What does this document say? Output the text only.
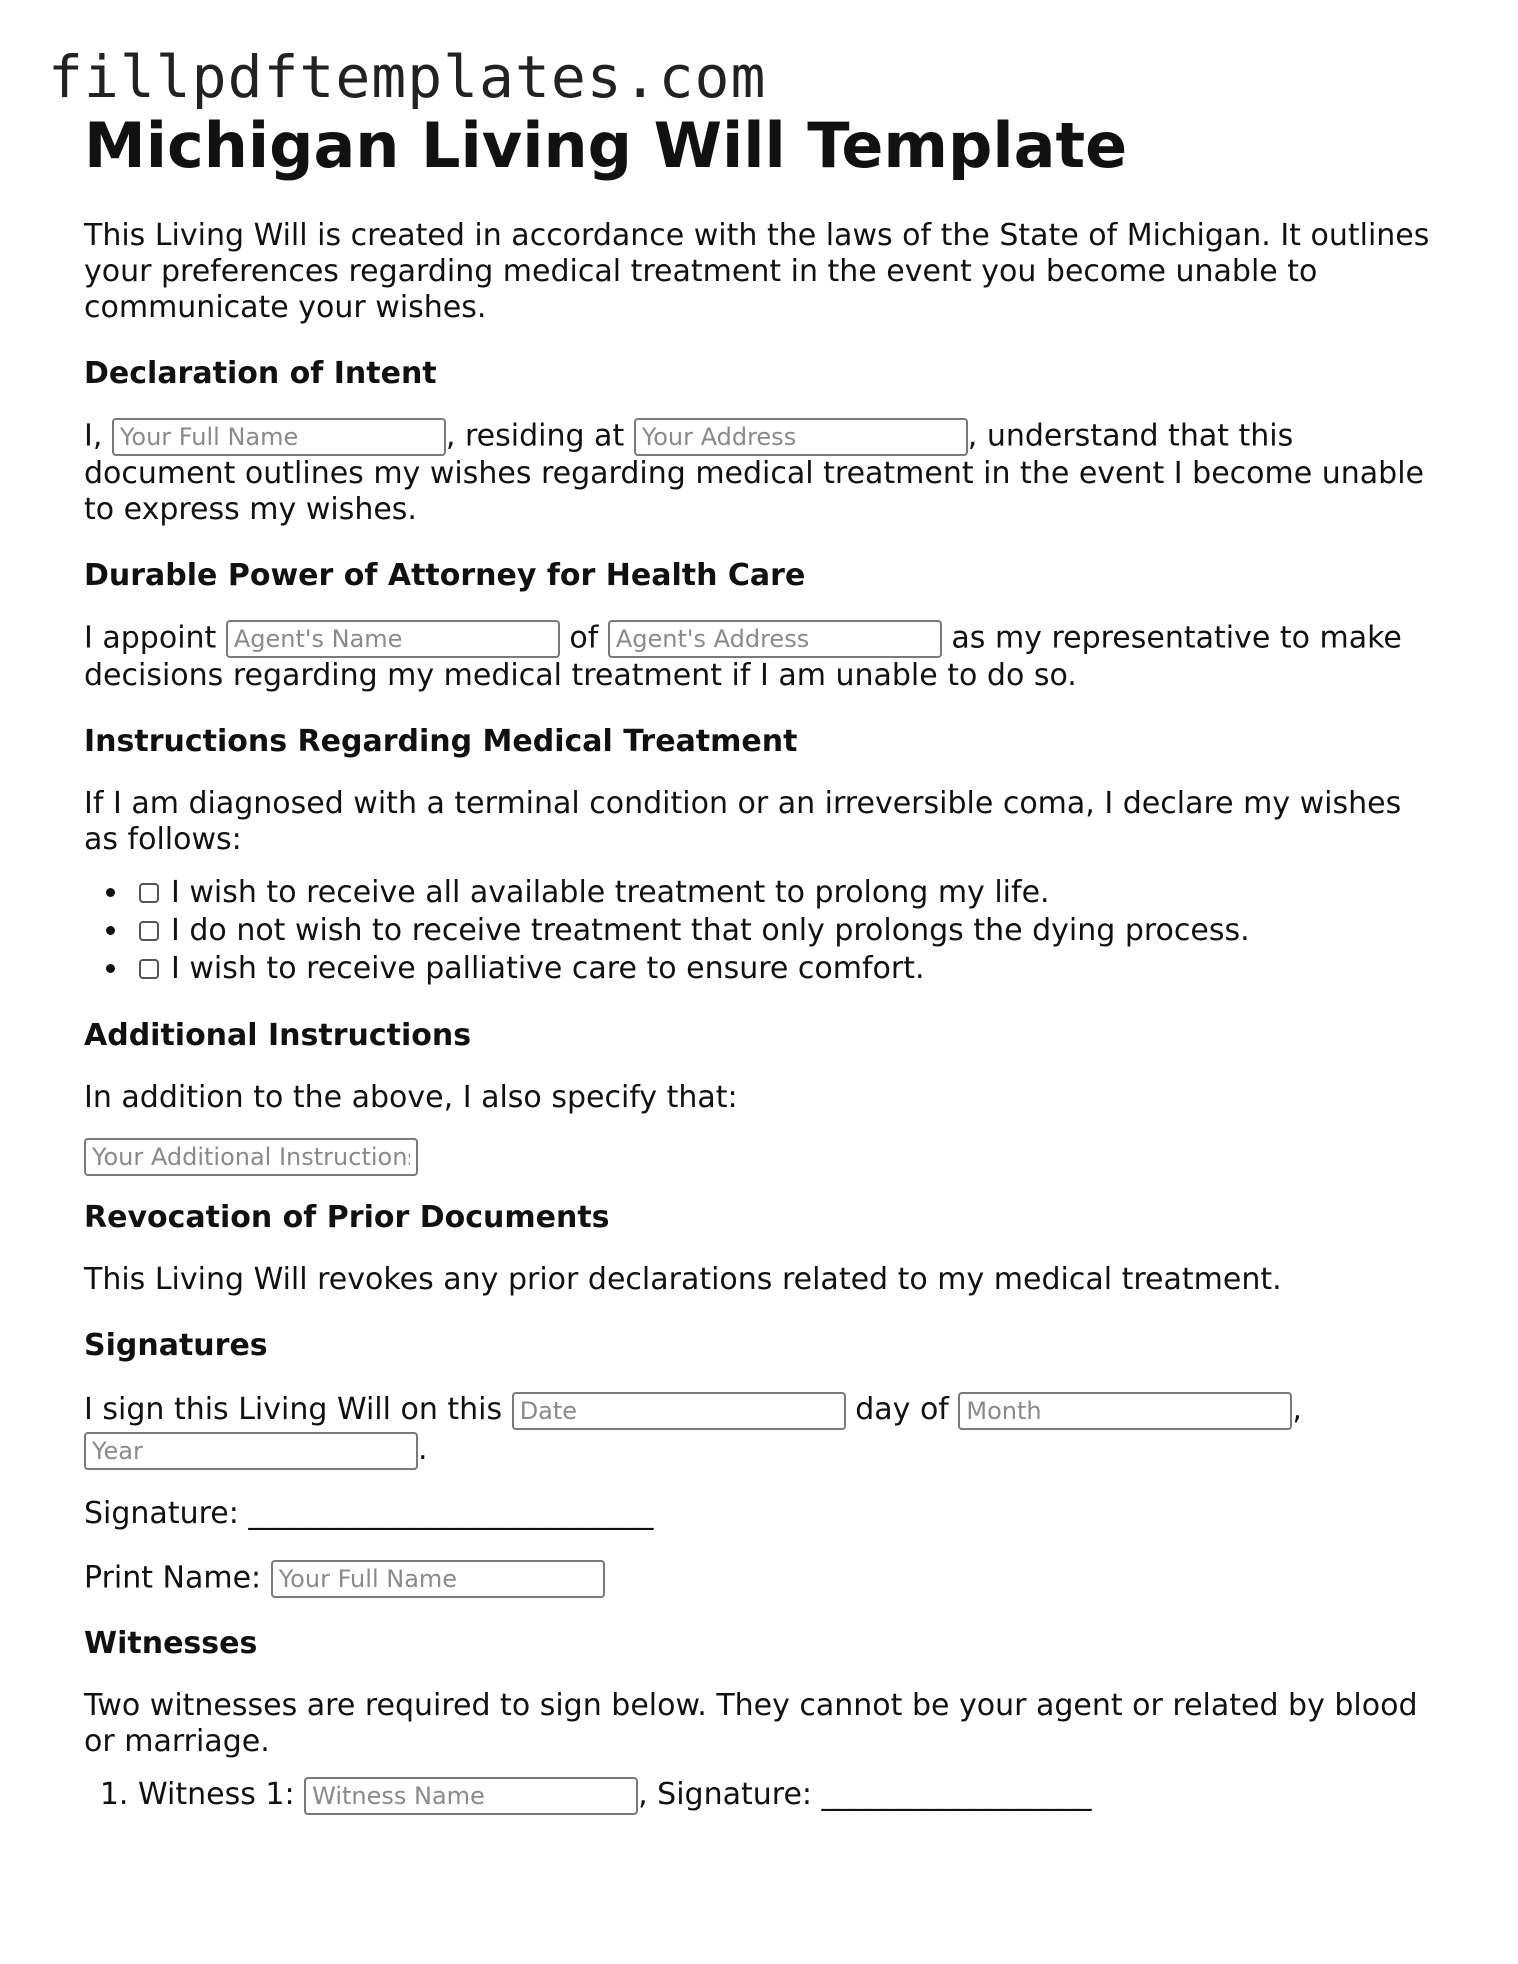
fillpdftemplates.com
Michigan Living Will Template

This Living Will is created in accordance with the laws of the State of Michigan. It outlines your preferences regarding medical treatment in the event you become unable to communicate your wishes.

Declaration of Intent

I, Your Full Name	, residing at Your Address	, understand that this document outlines my wishes regarding medical treatment in the event I become unable to express my wishes.

Durable Power of Attorney for Health Care

I appoint Agent's Name	of Agent's Address	as my representative to make decisions regarding my medical treatment if I am unable to do so.

Instructions Regarding Medical Treatment

If I am diagnosed with a terminal condition or an irreversible coma, I declare my wishes as follows:

• I wish to receive all available treatment to prolong my life.
• I do not wish to receive treatment that only prolongs the dying process.
• I wish to receive palliative care to ensure comfort.
Additional Instructions

In addition to the above, I also specify that:

Your Additional Instructions

Revocation of Prior Documents

This Living Will revokes any prior declarations related to my medical treatment.

Signatures

I sign this Living Will on this Date	day of Month	,
Year.

Signature: ___________________________

Print Name: Your Full Name

Witnesses

Two witnesses are required to sign below. They cannot be your agent or related by blood or marriage.

1. Witness 1: Witness Name	, Signature: __________________
